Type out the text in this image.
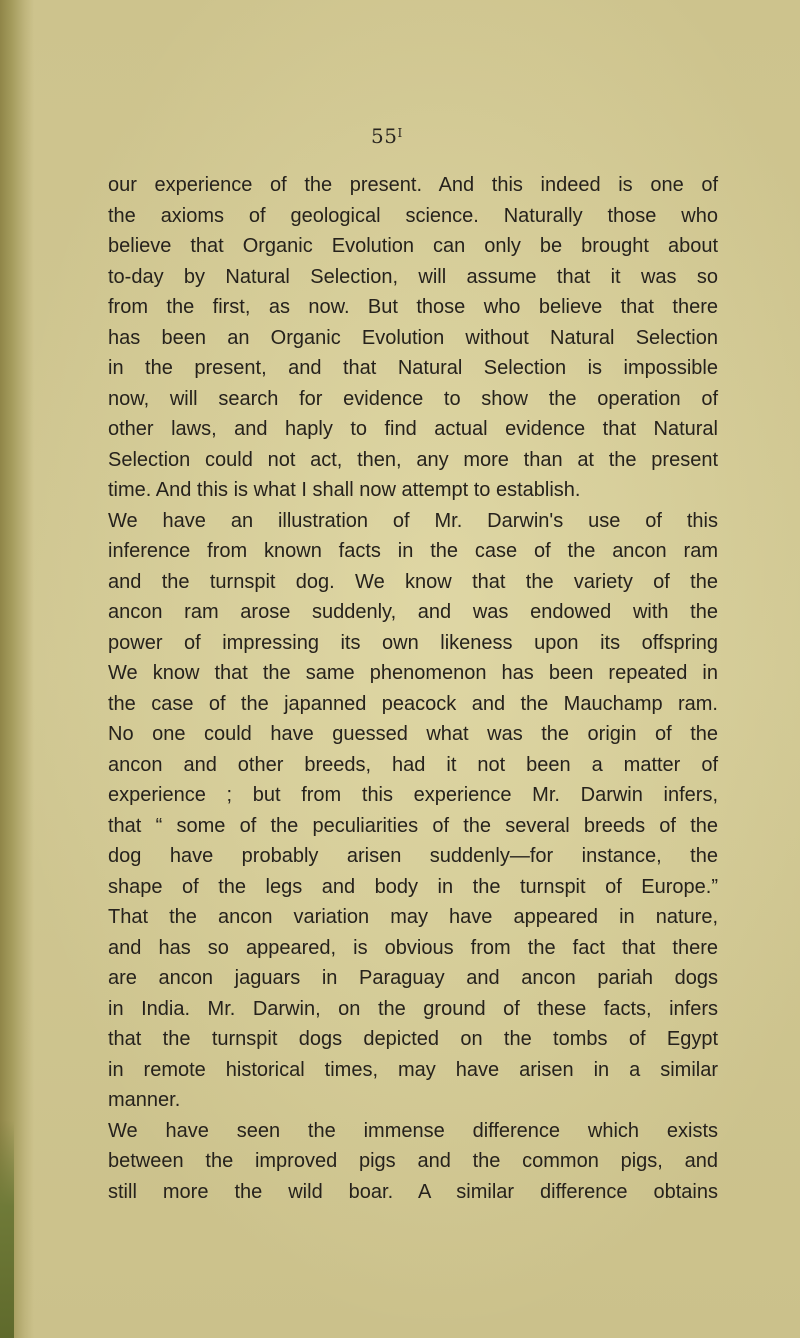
$55^I$
our experience of the present. And this indeed is one of
the axioms of geological science. Naturally those who
believe that Organic Evolution can only be brought about
to-day by Natural Selection, will assume that it was so
from the first, as now. But those who believe that there
has been an Organic Evolution without Natural Selection
in the present, and that Natural Selection is impossible
now, will search for evidence to show the operation of
other laws, and haply to find actual evidence that Natural
Selection could not act, then, any more than at the present
time. And this is what I shall now attempt to establish.
We have an illustration of Mr. Darwin's use of this
inference from known facts in the case of the ancon ram
and the turnspit dog. We know that the variety of the
ancon ram arose suddenly, and was endowed with the
power of impressing its own likeness upon its offspring
We know that the same phenomenon has been repeated in
the case of the japanned peacock and the Mauchamp ram.
No one could have guessed what was the origin of the
ancon and other breeds, had it not been a matter of
experience ; but from this experience Mr. Darwin infers,
that “ some of the peculiarities of the several breeds of the
dog have probably arisen suddenly—for instance, the
shape of the legs and body in the turnspit of Europe.”
That the ancon variation may have appeared in nature,
and has so appeared, is obvious from the fact that there
are ancon jaguars in Paraguay and ancon pariah dogs
in India. Mr. Darwin, on the ground of these facts, infers
that the turnspit dogs depicted on the tombs of Egypt
in remote historical times, may have arisen in a similar
manner.
We have seen the immense difference which exists
between the improved pigs and the common pigs, and
still more the wild boar. A similar difference obtains
